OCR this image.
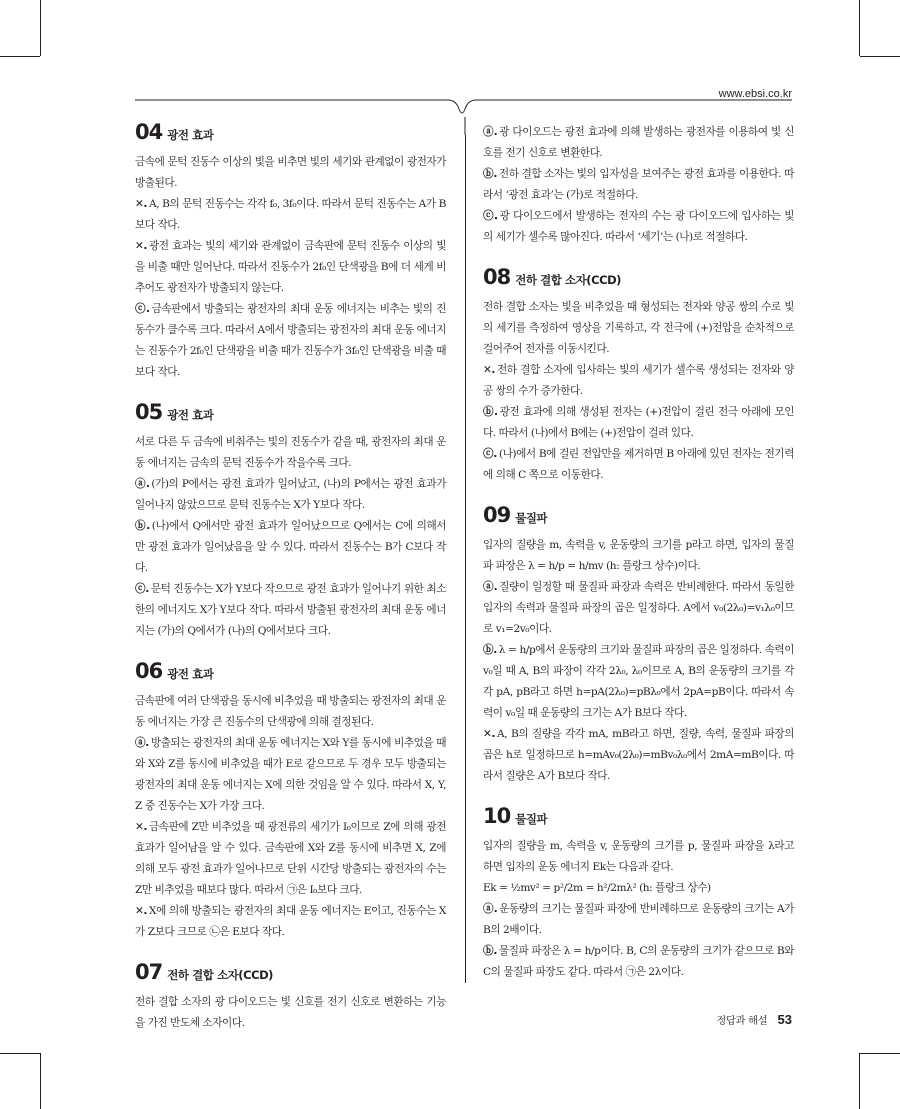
www.ebsi.co.kr
04 광전 효과

금속에 문턱 진동수 이상의 빛을 비추면 빛의 세기와 관계없이 광전자가 방출된다.

✕. A, B의 문턱 진동수는 각각 f₀, 3f₀이다. 따라서 문턱 진동수는 A가 B보다 작다.

✕. 광전 효과는 빛의 세기와 관계없이 금속판에 문턱 진동수 이상의 빛을 비출 때만 일어난다. 따라서 진동수가 2f₀인 단색광을 B에 더 세게 비추어도 광전자가 방출되지 않는다.

ⓒ. 금속판에서 방출되는 광전자의 최대 운동 에너지는 비추는 빛의 진동수가 클수록 크다. 따라서 A에서 방출되는 광전자의 최대 운동 에너지는 진동수가 2f₀인 단색광을 비출 때가 진동수가 3f₀인 단색광을 비출 때보다 작다.

05 광전 효과

서로 다른 두 금속에 비춰주는 빛의 진동수가 같을 때, 광전자의 최대 운동 에너지는 금속의 문턱 진동수가 작을수록 크다.

ⓐ. (가)의 P에서는 광전 효과가 일어났고, (나)의 P에서는 광전 효과가 일어나지 않았으므로 문턱 진동수는 X가 Y보다 작다.

ⓑ. (나)에서 Q에서만 광전 효과가 일어났으므로 Q에서는 C에 의해서만 광전 효과가 일어났음을 알 수 있다. 따라서 진동수는 B가 C보다 작다.

ⓒ. 문턱 진동수는 X가 Y보다 작으므로 광전 효과가 일어나기 위한 최소한의 에너지도 X가 Y보다 작다. 따라서 방출된 광전자의 최대 운동 에너지는 (가)의 Q에서가 (나)의 Q에서보다 크다.

06 광전 효과

금속판에 여러 단색광을 동시에 비추었을 때 방출되는 광전자의 최대 운동 에너지는 가장 큰 진동수의 단색광에 의해 결정된다.

ⓐ. 방출되는 광전자의 최대 운동 에너지는 X와 Y를 동시에 비추었을 때와 X와 Z를 동시에 비추었을 때가 E로 같으므로 두 경우 모두 방출되는 광전자의 최대 운동 에너지는 X에 의한 것임을 알 수 있다. 따라서 X, Y, Z 중 진동수는 X가 가장 크다.

✕. 금속판에 Z만 비추었을 때 광전류의 세기가 I₀이므로 Z에 의해 광전 효과가 일어남을 알 수 있다. 금속판에 X와 Z를 동시에 비추면 X, Z에 의해 모두 광전 효과가 일어나므로 단위 시간당 방출되는 광전자의 수는 Z만 비추었을 때보다 많다. 따라서 ㉠은 I₀보다 크다.

✕. X에 의해 방출되는 광전자의 최대 운동 에너지는 E이고, 진동수는 X가 Z보다 크므로 ㉡은 E보다 작다.

07 전하 결합 소자(CCD)

전하 결합 소자의 광 다이오드는 빛 신호를 전기 신호로 변환하는 기능을 가진 반도체 소자이다.

ⓐ. 광 다이오드는 광전 효과에 의해 발생하는 광전자를 이용하여 빛 신호를 전기 신호로 변환한다.

ⓑ. 전하 결합 소자는 빛의 입자성을 보여주는 광전 효과를 이용한다. 따라서 ‘광전 효과’는 (가)로 적절하다.

ⓒ. 광 다이오드에서 발생하는 전자의 수는 광 다이오드에 입사하는 빛의 세기가 셀수록 많아진다. 따라서 ‘세기’는 (나)로 적절하다.

08 전하 결합 소자(CCD)

전하 결합 소자는 빛을 비추었을 때 형성되는 전자와 양공 쌍의 수로 빛의 세기를 측정하여 영상을 기록하고, 각 전극에 (+)전압을 순차적으로 걸어주어 전자를 이동시킨다.

✕. 전하 결합 소자에 입사하는 빛의 세기가 셀수록 생성되는 전자와 양공 쌍의 수가 증가한다.

ⓑ. 광전 효과에 의해 생성된 전자는 (+)전압이 걸린 전극 아래에 모인다. 따라서 (나)에서 B에는 (+)전압이 걸려 있다.

ⓒ. (나)에서 B에 걸린 전압만을 제거하면 B 아래에 있던 전자는 전기력에 의해 C 쪽으로 이동한다.

09 물질파

입자의 질량을 m, 속력을 v, 운동량의 크기를 p라고 하면, 입자의 물질파 파장은 λ = h/p = h/mv (h: 플랑크 상수)이다.

ⓐ. 질량이 일정할 때 물질파 파장과 속력은 반비례한다. 따라서 동일한 입자의 속력과 물질파 파장의 곱은 일정하다. A에서 v₀(2λ₀)=v₁λ₀이므로 v₁=2v₀이다.

ⓑ. λ = h/p에서 운동량의 크기와 물질파 파장의 곱은 일정하다. 속력이 v₀일 때 A, B의 파장이 각각 2λ₀, λ₀이므로 A, B의 운동량의 크기를 각각 pA, pB라고 하면 h=pA(2λ₀)=pBλ₀에서 2pA=pB이다. 따라서 속력이 v₀일 때 운동량의 크기는 A가 B보다 작다.

✕. A, B의 질량을 각각 mA, mB라고 하면, 질량, 속력, 물질파 파장의 곱은 h로 일정하므로 h=mAv₀(2λ₀)=mBv₀λ₀에서 2mA=mB이다. 따라서 질량은 A가 B보다 작다.

10 물질파

입자의 질량을 m, 속력을 v, 운동량의 크기를 p, 물질파 파장을 λ라고 하면 입자의 운동 에너지 Ek는 다음과 같다.

Ek = ½mv² = p²/2m = h²/2mλ² (h: 플랑크 상수)

ⓐ. 운동량의 크기는 물질파 파장에 반비례하므로 운동량의 크기는 A가 B의 2배이다.

ⓑ. 물질파 파장은 λ = h/p이다. B, C의 운동량의 크기가 같으므로 B와 C의 물질파 파장도 같다. 따라서 ㉠은 2λ이다.

정답과 해설 53
